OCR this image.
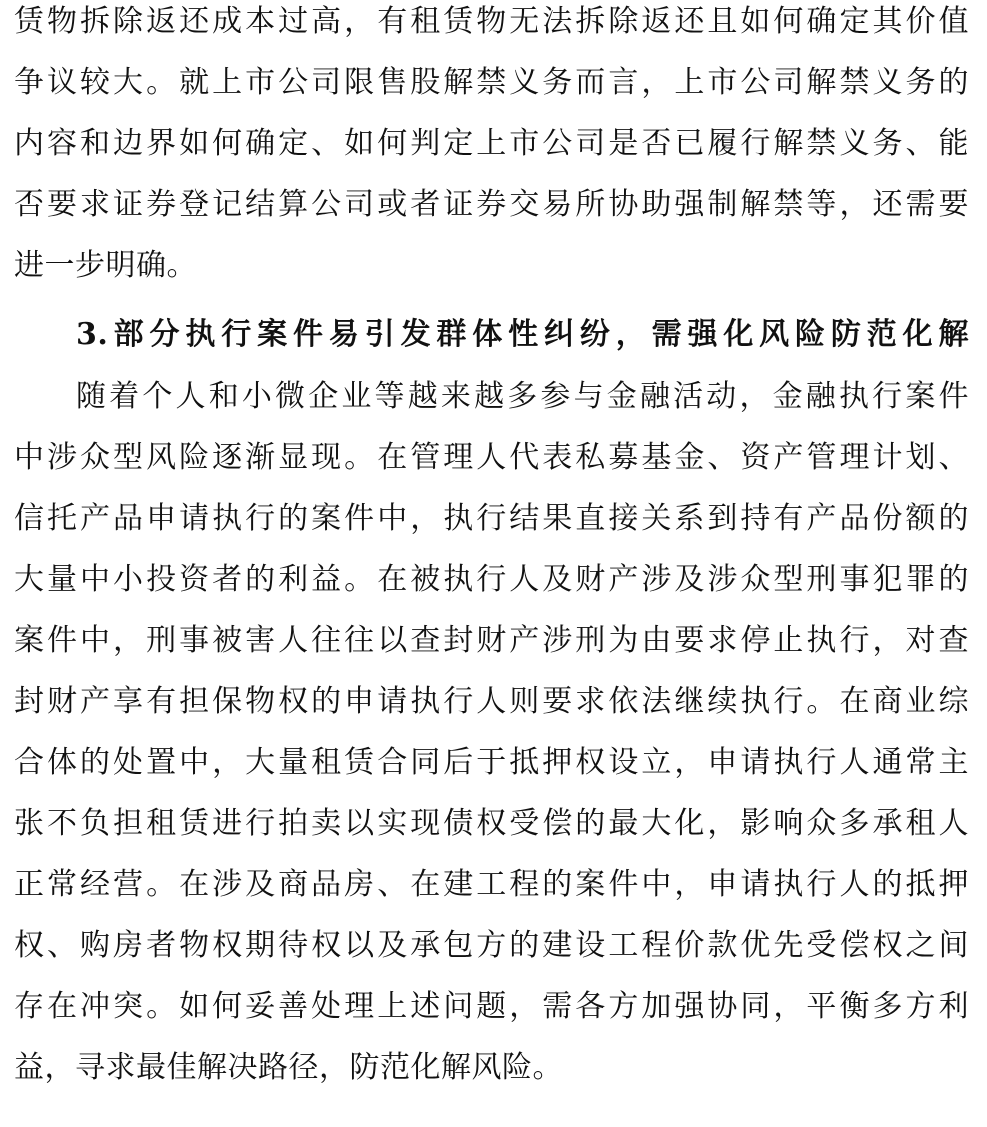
赁物拆除返还成本过高，有租赁物无法拆除返还且如何确定其价值
争议较大。就上市公司限售股解禁义务而言，上市公司解禁义务的
内容和边界如何确定、如何判定上市公司是否已履行解禁义务、能
否要求证券登记结算公司或者证券交易所协助强制解禁等，还需要
进一步明确。
3.部分执行案件易引发群体性纠纷，需强化风险防范化解
随着个人和小微企业等越来越多参与金融活动，金融执行案件
中涉众型风险逐渐显现。在管理人代表私募基金、资产管理计划、
信托产品申请执行的案件中，执行结果直接关系到持有产品份额的
大量中小投资者的利益。在被执行人及财产涉及涉众型刑事犯罪的
案件中，刑事被害人往往以查封财产涉刑为由要求停止执行，对查
封财产享有担保物权的申请执行人则要求依法继续执行。在商业综
合体的处置中，大量租赁合同后于抵押权设立，申请执行人通常主
张不负担租赁进行拍卖以实现债权受偿的最大化，影响众多承租人
正常经营。在涉及商品房、在建工程的案件中，申请执行人的抵押
权、购房者物权期待权以及承包方的建设工程价款优先受偿权之间
存在冲突。如何妥善处理上述问题，需各方加强协同，平衡多方利
益，寻求最佳解决路径，防范化解风险。
